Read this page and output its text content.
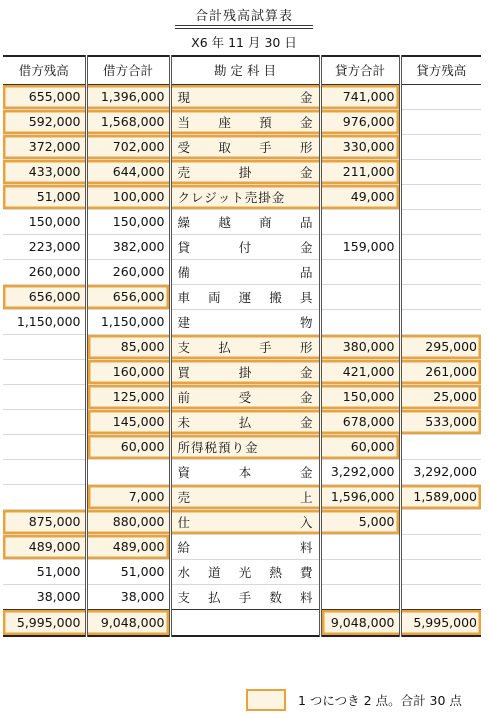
合計残高試算表
X6 年 11 月 30 日
借方残高	借方合計	勘 定 科 目	貸方合計	貸方残高
655,000	1,396,000	現 金	741,000	
592,000	1,568,000	当 座 預 金	976,000	
372,000	702,000	受 取 手 形	330,000	
433,000	644,000	売 掛 金	211,000	
51,000	100,000	クレジット売掛金	49,000	
150,000	150,000	繰 越 商 品		

223,000	382,000	貸 付 金	159,000	
260,000	260,000	備 品		

656,000	656,000	車 両 運 搬 具		

1,150,000	1,150,000	建 物		

	85,000	支 払 手 形	380,000	295,000
	160,000	買 掛 金	421,000	261,000
	125,000	前 受 金	150,000	25,000
	145,000	未 払 金	678,000	533,000
	60,000	所得税預り金	60,000	

		資 本 金	3,292,000	3,292,000
	7,000	売 上	1,596,000	1,589,000
875,000	880,000	仕 入	5,000	
489,000	489,000	給 料		

51,000	51,000	水 道 光 熱 費		

38,000	38,000	支 払 手 数 料		

5,995,000	9,048,000		9,048,000	5,995,000
1 つにつき 2 点。合計 30 点
